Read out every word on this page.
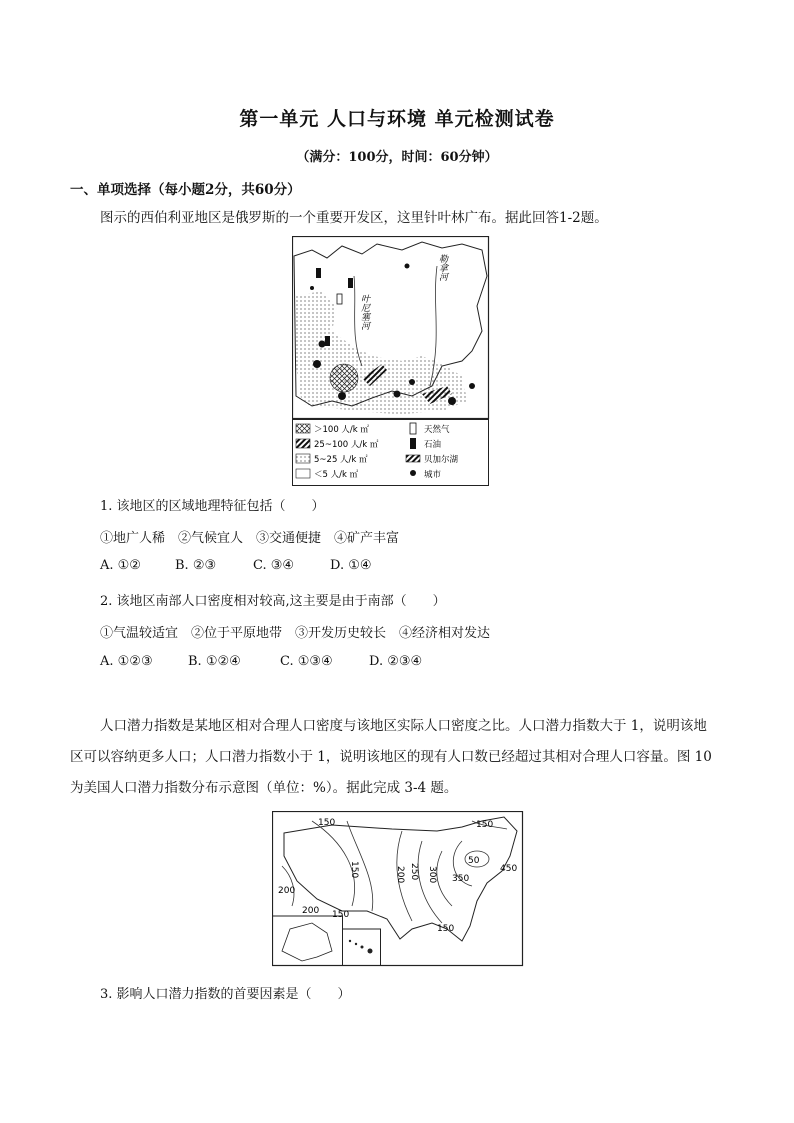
第一单元 人口与环境 单元检测试卷
（满分：100分，时间：60分钟）
一、单项选择（每小题2分，共60分）
图示的西伯利亚地区是俄罗斯的一个重要开发区，这里针叶林广布。据此回答1-2题。
叶尼塞河
勒拿河
＞100 人/k ㎡
25~100 人/k ㎡
5~25 人/k ㎡
＜5 人/k ㎡
天然气
石油
贝加尔湖
城市
1. 该地区的区域地理特征包括（　　）
①地广人稀　②气候宜人　③交通便捷　④矿产丰富
A. ①②	B. ②③	C. ③④	D. ①④
2. 该地区南部人口密度相对较高,这主要是由于南部（　　）
①气温较适宜　②位于平原地带　③开发历史较长　④经济相对发达
A. ①②③	B. ①②④	C. ①③④	D. ②③④
人口潜力指数是某地区相对合理人口密度与该地区实际人口密度之比。人口潜力指数大于 1，说明该地
区可以容纳更多人口；人口潜力指数小于 1，说明该地区的现有人口数已经超过其相对合理人口容量。图 10
为美国人口潜力指数分布示意图（单位：%）。据此完成 3-4 题。
150	150
150
150
200
200
350
50
450
150	200 250 300
3. 影响人口潜力指数的首要因素是（　　）
